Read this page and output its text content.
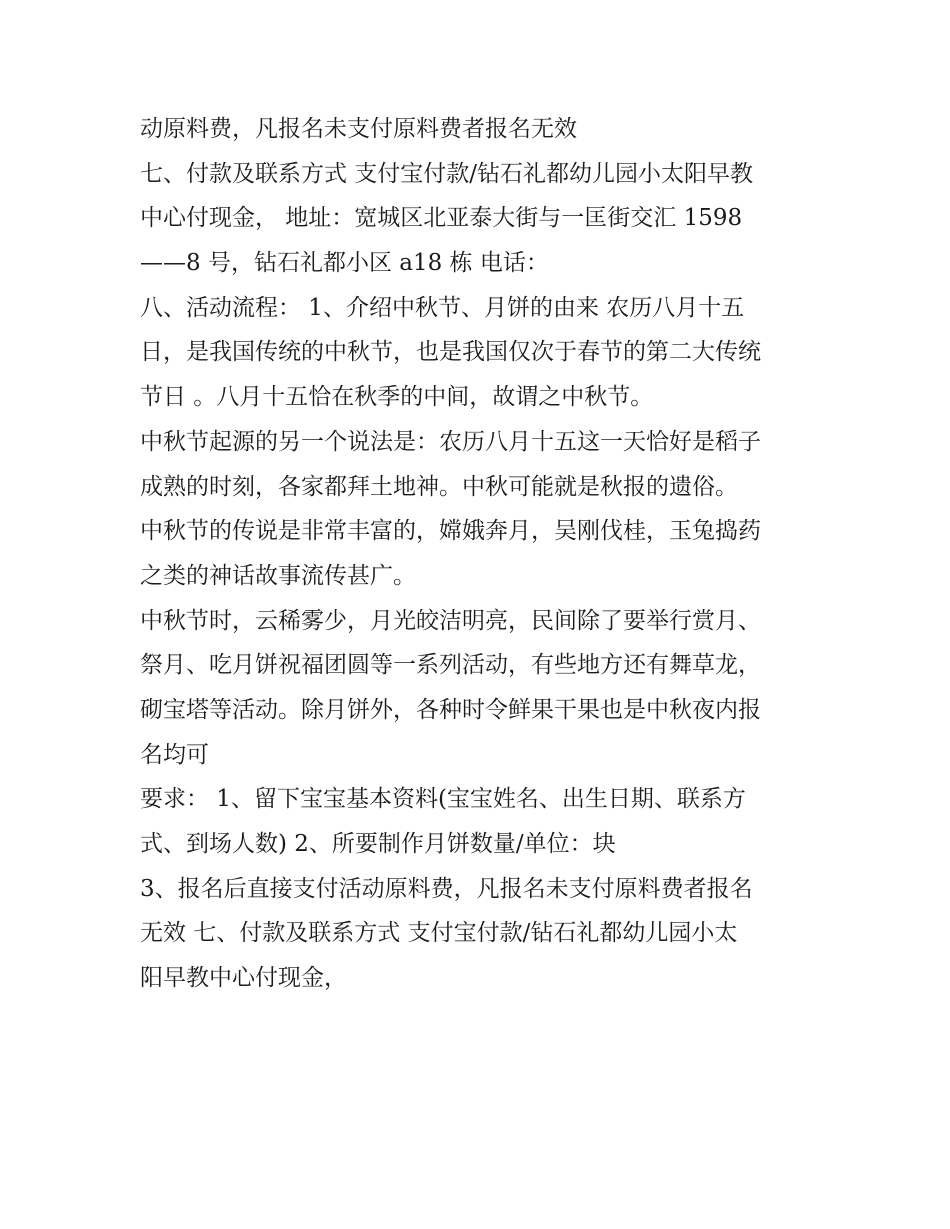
动原料费，凡报名未支付原料费者报名无效
七、付款及联系方式 支付宝付款/钻石礼都幼儿园小太阳早教
中心付现金， 地址：宽城区北亚泰大街与一匡街交汇 1598
——8 号，钻石礼都小区 a18 栋 电话：
八、活动流程： 1、介绍中秋节、月饼的由来 农历八月十五
日，是我国传统的中秋节，也是我国仅次于春节的第二大传统
节日 。八月十五恰在秋季的中间，故谓之中秋节。
中秋节起源的另一个说法是：农历八月十五这一天恰好是稻子
成熟的时刻，各家都拜土地神。中秋可能就是秋报的遗俗。
中秋节的传说是非常丰富的，嫦娥奔月，吴刚伐桂，玉兔捣药
之类的神话故事流传甚广。
中秋节时，云稀雾少，月光皎洁明亮，民间除了要举行赏月、
祭月、吃月饼祝福团圆等一系列活动，有些地方还有舞草龙，
砌宝塔等活动。除月饼外，各种时令鲜果干果也是中秋夜内报
名均可
要求： 1、留下宝宝基本资料(宝宝姓名、出生日期、联系方
式、到场人数) 2、所要制作月饼数量/单位：块
3、报名后直接支付活动原料费，凡报名未支付原料费者报名
无效 七、付款及联系方式 支付宝付款/钻石礼都幼儿园小太
阳早教中心付现金，
